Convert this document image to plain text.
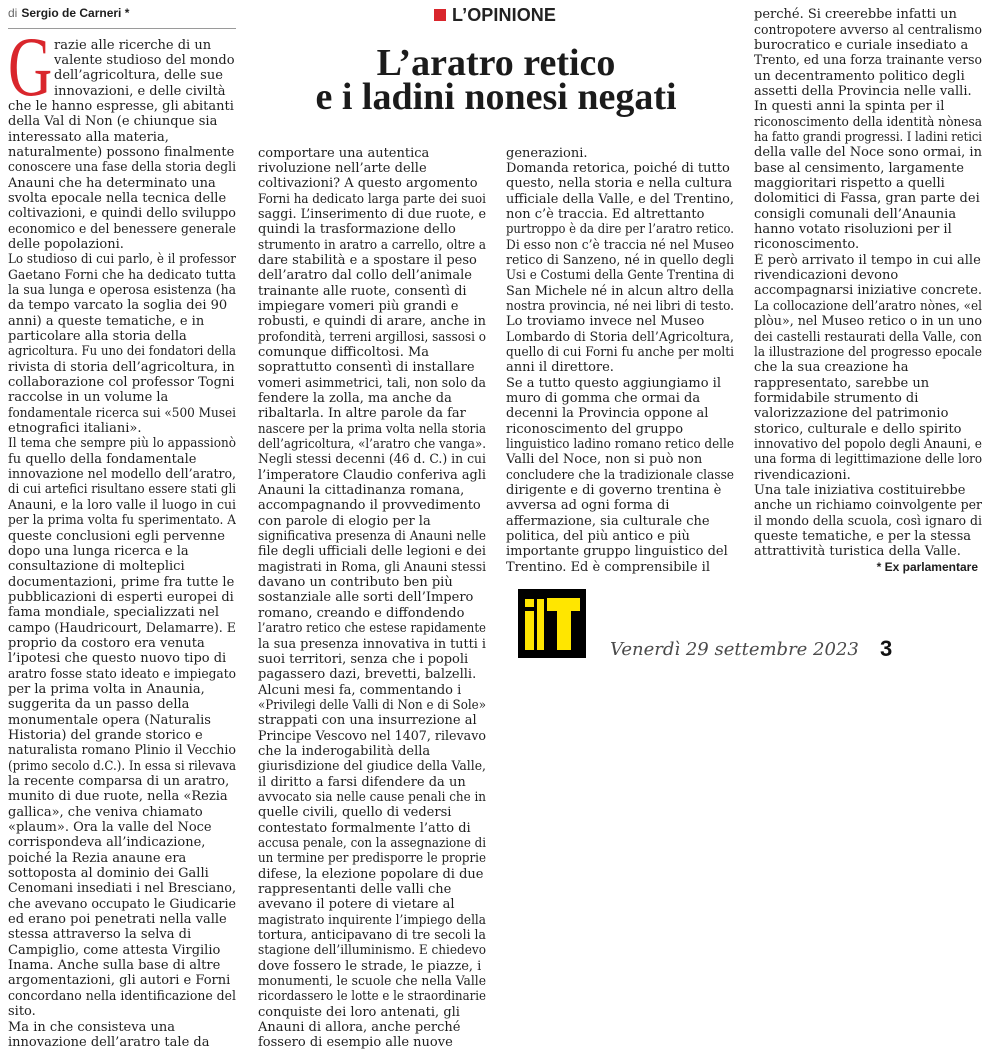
di Sergio de Carneri *	L’OPINIONE
L’aratro retico
e i ladini nonesi negati
G razie alle ricerche di un
valente studioso del mondo
dell’agricoltura, delle sue
innovazioni, e delle civiltà
che le hanno espresse, gli abitanti
della Val di Non (e chiunque sia
interessato alla materia,
naturalmente) possono finalmente
conoscere una fase della storia degli
Anauni che ha determinato una
svolta epocale nella tecnica delle
coltivazioni, e quindi dello sviluppo
economico e del benessere generale
delle popolazioni.
Lo studioso di cui parlo, è il professor
Gaetano Forni che ha dedicato tutta
la sua lunga e operosa esistenza (ha
da tempo varcato la soglia dei 90
anni) a queste tematiche, e in
particolare alla storia della
agricoltura. Fu uno dei fondatori della
rivista di storia dell’agricoltura, in
collaborazione col professor Togni
raccolse in un volume la
fondamentale ricerca sui «500 Musei
etnografici italiani».
Il tema che sempre più lo appassionò
fu quello della fondamentale
innovazione nel modello dell’aratro,
di cui artefici risultano essere stati gli
Anauni, e la loro valle il luogo in cui
per la prima volta fu sperimentato. A
queste conclusioni egli pervenne
dopo una lunga ricerca e la
consultazione di molteplici
documentazioni, prime fra tutte le
pubblicazioni di esperti europei di
fama mondiale, specializzati nel
campo (Haudricourt, Delamarre). E
proprio da costoro era venuta
l’ipotesi che questo nuovo tipo di
aratro fosse stato ideato e impiegato
per la prima volta in Anaunia,
suggerita da un passo della
monumentale opera (Naturalis
Historia) del grande storico e
naturalista romano Plinio il Vecchio
(primo secolo d.C.). In essa si rilevava
la recente comparsa di un aratro,
munito di due ruote, nella «Rezia
gallica», che veniva chiamato
«plaum». Ora la valle del Noce
corrispondeva all’indicazione,
poiché la Rezia anaune era
sottoposta al dominio dei Galli
Cenomani insediati i nel Bresciano,
che avevano occupato le Giudicarie
ed erano poi penetrati nella valle
stessa attraverso la selva di
Campiglio, come attesta Virgilio
Inama. Anche sulla base di altre
argomentazioni, gli autori e Forni
concordano nella identificazione del
sito.
Ma in che consisteva una
innovazione dell’aratro tale da
comportare una autentica
rivoluzione nell’arte delle
coltivazioni? A questo argomento
Forni ha dedicato larga parte dei suoi
saggi. L’inserimento di due ruote, e
quindi la trasformazione dello
strumento in aratro a carrello, oltre a
dare stabilità e a spostare il peso
dell’aratro dal collo dell’animale
trainante alle ruote, consentì di
impiegare vomeri più grandi e
robusti, e quindi di arare, anche in
profondità, terreni argillosi, sassosi o
comunque difficoltosi. Ma
soprattutto consentì di installare
vomeri asimmetrici, tali, non solo da
fendere la zolla, ma anche da
ribaltarla. In altre parole da far
nascere per la prima volta nella storia
dell’agricoltura, «l’aratro che vanga».
Negli stessi decenni (46 d. C.) in cui
l’imperatore Claudio conferiva agli
Anauni la cittadinanza romana,
accompagnando il provvedimento
con parole di elogio per la
significativa presenza di Anauni nelle
file degli ufficiali delle legioni e dei
magistrati in Roma, gli Anauni stessi
davano un contributo ben più
sostanziale alle sorti dell’Impero
romano, creando e diffondendo
l’aratro retico che estese rapidamente
la sua presenza innovativa in tutti i
suoi territori, senza che i popoli
pagassero dazi, brevetti, balzelli.
Alcuni mesi fa, commentando i
«Privilegi delle Valli di Non e di Sole»
strappati con una insurrezione al
Principe Vescovo nel 1407, rilevavo
che la inderogabilità della
giurisdizione del giudice della Valle,
il diritto a farsi difendere da un
avvocato sia nelle cause penali che in
quelle civili, quello di vedersi
contestato formalmente l’atto di
accusa penale, con la assegnazione di
un termine per predisporre le proprie
difese, la elezione popolare di due
rappresentanti delle valli che
avevano il potere di vietare al
magistrato inquirente l’impiego della
tortura, anticipavano di tre secoli la
stagione dell’illuminismo. E chiedevo
dove fossero le strade, le piazze, i
monumenti, le scuole che nella Valle
ricordassero le lotte e le straordinarie
conquiste dei loro antenati, gli
Anauni di allora, anche perché
fossero di esempio alle nuove
generazioni.
Domanda retorica, poiché di tutto
questo, nella storia e nella cultura
ufficiale della Valle, e del Trentino,
non c’è traccia. Ed altrettanto
purtroppo è da dire per l’aratro retico.
Di esso non c’è traccia né nel Museo
retico di Sanzeno, né in quello degli
Usi e Costumi della Gente Trentina di
San Michele né in alcun altro della
nostra provincia, né nei libri di testo.
Lo troviamo invece nel Museo
Lombardo di Storia dell’Agricoltura,
quello di cui Forni fu anche per molti
anni il direttore.
Se a tutto questo aggiungiamo il
muro di gomma che ormai da
decenni la Provincia oppone al
riconoscimento del gruppo
linguistico ladino romano retico delle
Valli del Noce, non si può non
concludere che la tradizionale classe
dirigente e di governo trentina è
avversa ad ogni forma di
affermazione, sia culturale che
politica, del più antico e più
importante gruppo linguistico del
Trentino. Ed è comprensibile il
perché. Si creerebbe infatti un
contropotere avverso al centralismo
burocratico e curiale insediato a
Trento, ed una forza trainante verso
un decentramento politico degli
assetti della Provincia nelle valli.
In questi anni la spinta per il
riconoscimento della identità nònesa
ha fatto grandi progressi. I ladini retici
della valle del Noce sono ormai, in
base al censimento, largamente
maggioritari rispetto a quelli
dolomitici di Fassa, gran parte dei
consigli comunali dell’Anaunia
hanno votato risoluzioni per il
riconoscimento.
È però arrivato il tempo in cui alle
rivendicazioni devono
accompagnarsi iniziative concrete.
La collocazione dell’aratro nònes, «el
plòu», nel Museo retico o in un uno
dei castelli restaurati della Valle, con
la illustrazione del progresso epocale
che la sua creazione ha
rappresentato, sarebbe un
formidabile strumento di
valorizzazione del patrimonio
storico, culturale e dello spirito
innovativo del popolo degli Anauni, e
una forma di legittimazione delle loro
rivendicazioni.
Una tale iniziativa costituirebbe
anche un richiamo coinvolgente per
il mondo della scuola, così ignaro di
queste tematiche, e per la stessa
attrattività turistica della Valle.
* Ex parlamentare
Venerdì 29 settembre 2023 3
